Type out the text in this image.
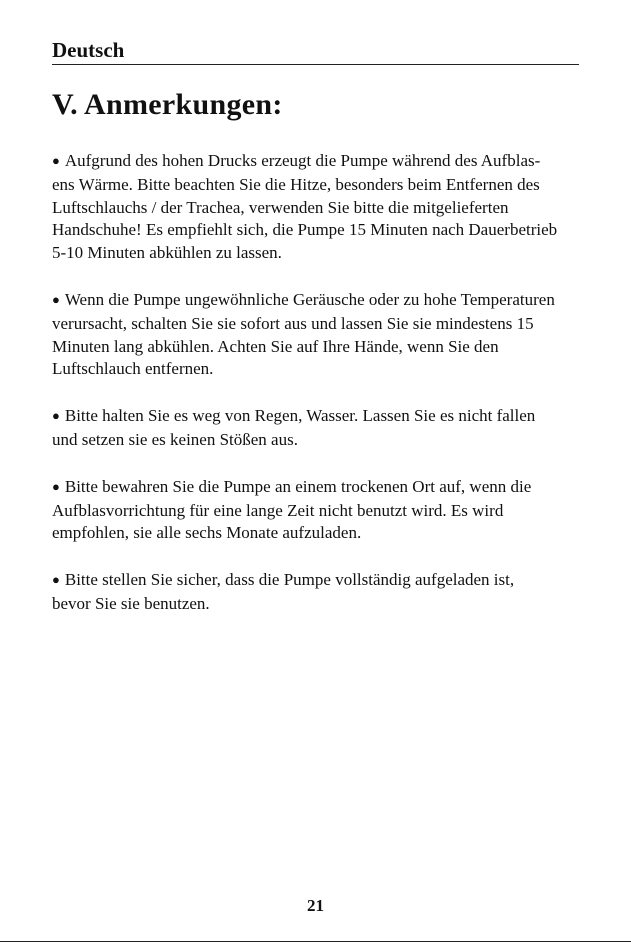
Deutsch
V. Anmerkungen:

● Aufgrund des hohen Drucks erzeugt die Pumpe während des Aufblas-
ens Wärme. Bitte beachten Sie die Hitze, besonders beim Entfernen des
Luftschlauchs / der Trachea, verwenden Sie bitte die mitgelieferten
Handschuhe! Es empfiehlt sich, die Pumpe 15 Minuten nach Dauerbetrieb
5-10 Minuten abkühlen zu lassen.

● Wenn die Pumpe ungewöhnliche Geräusche oder zu hohe Temperaturen
verursacht, schalten Sie sie sofort aus und lassen Sie sie mindestens 15
Minuten lang abkühlen. Achten Sie auf Ihre Hände, wenn Sie den
Luftschlauch entfernen.

● Bitte halten Sie es weg von Regen, Wasser. Lassen Sie es nicht fallen
und setzen sie es keinen Stößen aus.

● Bitte bewahren Sie die Pumpe an einem trockenen Ort auf, wenn die
Aufblasvorrichtung für eine lange Zeit nicht benutzt wird. Es wird
empfohlen, sie alle sechs Monate aufzuladen.

● Bitte stellen Sie sicher, dass die Pumpe vollständig aufgeladen ist,
bevor Sie sie benutzen.

21
